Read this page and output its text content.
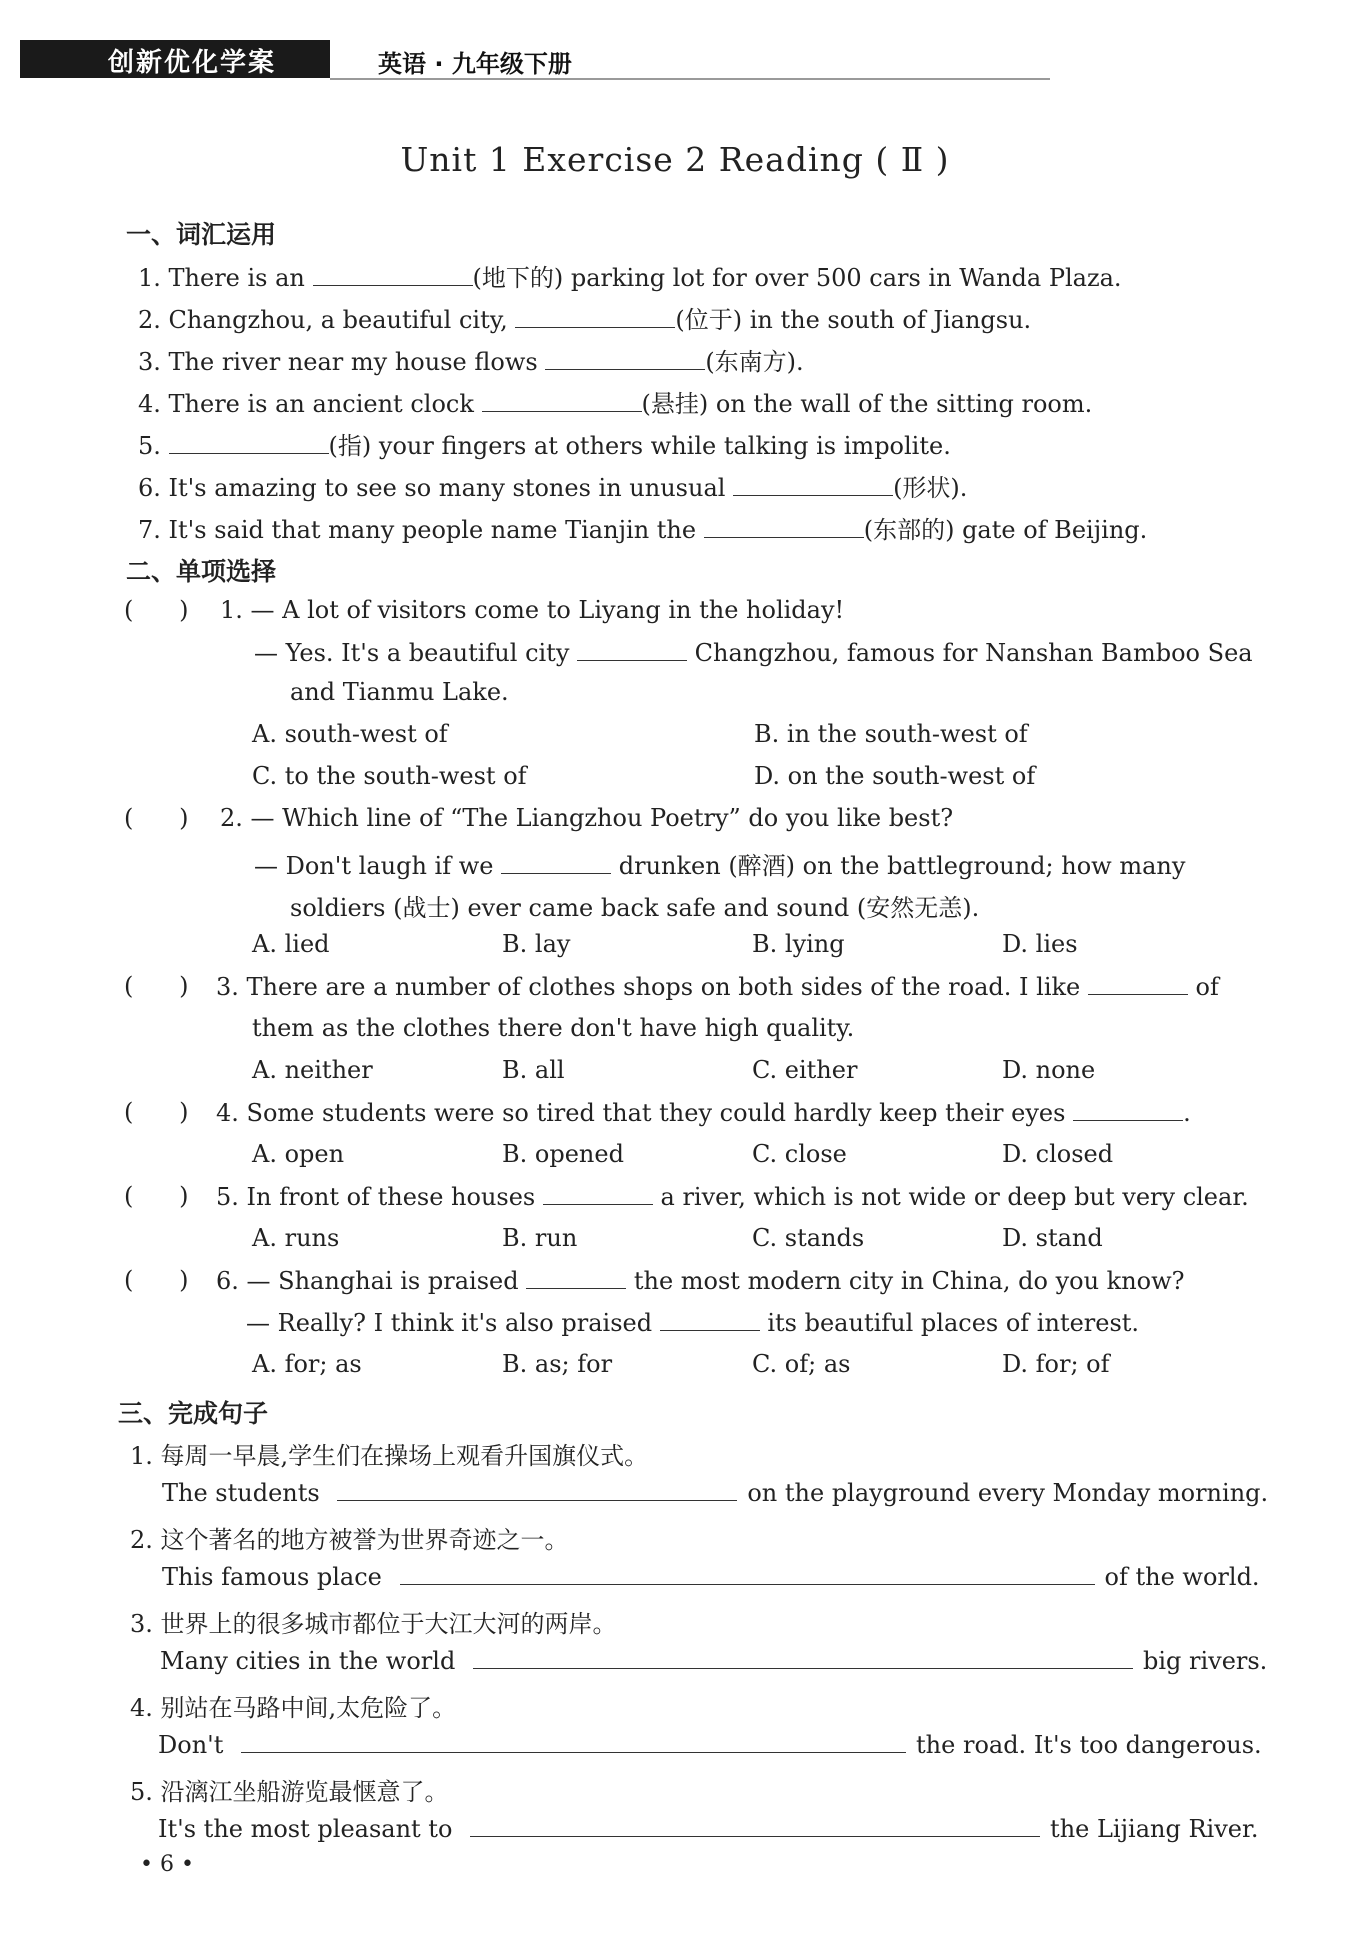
创新优化学案	英语 · 九年级下册
Unit 1 Exercise 2 Reading ( Ⅱ )
一、词汇运用
1. There is an	(地下的) parking lot for over 500 cars in Wanda Plaza.
2. Changzhou, a beautiful city,	(位于) in the south of Jiangsu.
3. The river near my house flows	(东南方).
4. There is an ancient clock	(悬挂) on the wall of the sitting room.
5.	(指) your fingers at others while talking is impolite.
6. It's amazing to see so many stones in unusual	(形状).
7. It's said that many people name Tianjin the	(东部的) gate of Beijing.
二、单项选择
(      ) 1. — A lot of visitors come to Liyang in the holiday!
— Yes. It's a beautiful city	Changzhou, famous for Nanshan Bamboo Sea
and Tianmu Lake.
A. south-west of	B. in the south-west of
C. to the south-west of	D. on the south-west of
(      ) 2. — Which line of “The Liangzhou Poetry” do you like best?
— Don't laugh if we	drunken (醉酒) on the battleground; how many
soldiers (战士) ever came back safe and sound (安然无恙).
A. lied	B. lay	B. lying	D. lies
(      ) 3. There are a number of clothes shops on both sides of the road. I like	of
them as the clothes there don't have high quality.
A. neither	B. all	C. either	D. none
(      ) 4. Some students were so tired that they could hardly keep their eyes	.
A. open	B. opened	C. close	D. closed
(      ) 5. In front of these houses	a river, which is not wide or deep but very clear.
A. runs	B. run	C. stands	D. stand
(      ) 6. — Shanghai is praised	the most modern city in China, do you know?
— Really? I think it's also praised	its beautiful places of interest.
A. for; as	B. as; for	C. of; as	D. for; of
三、完成句子
1. 每周一早晨,学生们在操场上观看升国旗仪式。
The students	on the playground every Monday morning.
2. 这个著名的地方被誉为世界奇迹之一。
This famous place	of the world.
3. 世界上的很多城市都位于大江大河的两岸。
Many cities in the world	big rivers.
4. 别站在马路中间,太危险了。
Don't	the road. It's too dangerous.
5. 沿漓江坐船游览最惬意了。
It's the most pleasant to	the Lijiang River.
• 6 •
